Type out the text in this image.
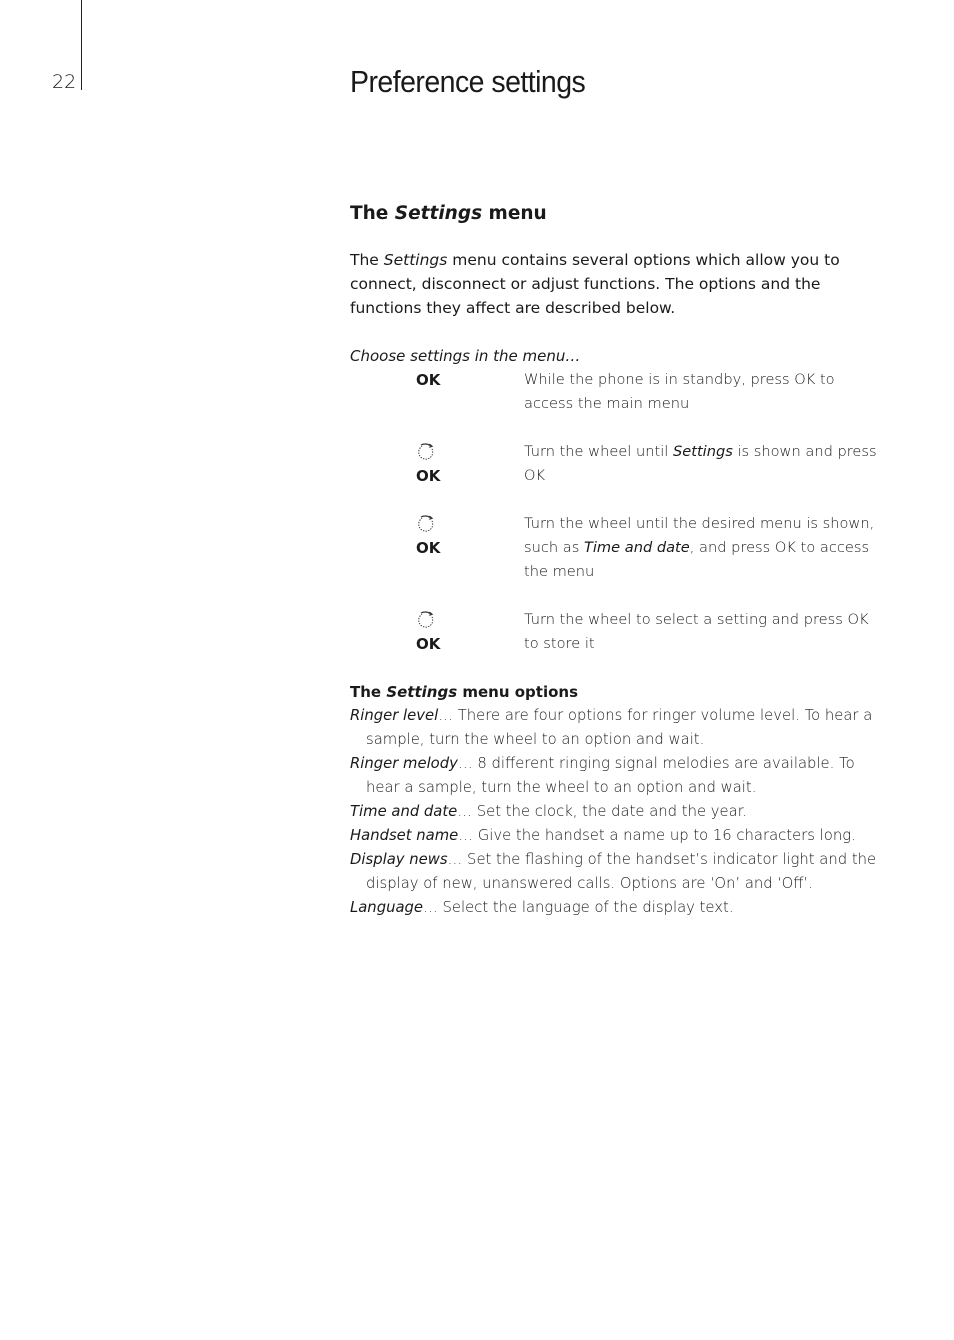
22	Preference settings
The Settings menu

The Settings menu contains several options which allow you to connect, disconnect or adjust functions. The options and the functions they affect are described below.

Choose settings in the menu…
OK	While the phone is in standby, press OK to access the main menu
OK
Turn the wheel until Settings is shown and press OK
OK
Turn the wheel until the desired menu is shown, such as Time and date, and press OK to access the menu
OK
Turn the wheel to select a setting and press OK to store it
The Settings menu options
Ringer level… There are four options for ringer volume level. To hear a sample, turn the wheel to an option and wait.
Ringer melody… 8 different ringing signal melodies are available. To hear a sample, turn the wheel to an option and wait.
Time and date… Set the clock, the date and the year.
Handset name… Give the handset a name up to 16 characters long.
Display news… Set the flashing of the handset’s indicator light and the display of new, unanswered calls. Options are ‘On’ and ‘Off’.
Language… Select the language of the display text.
